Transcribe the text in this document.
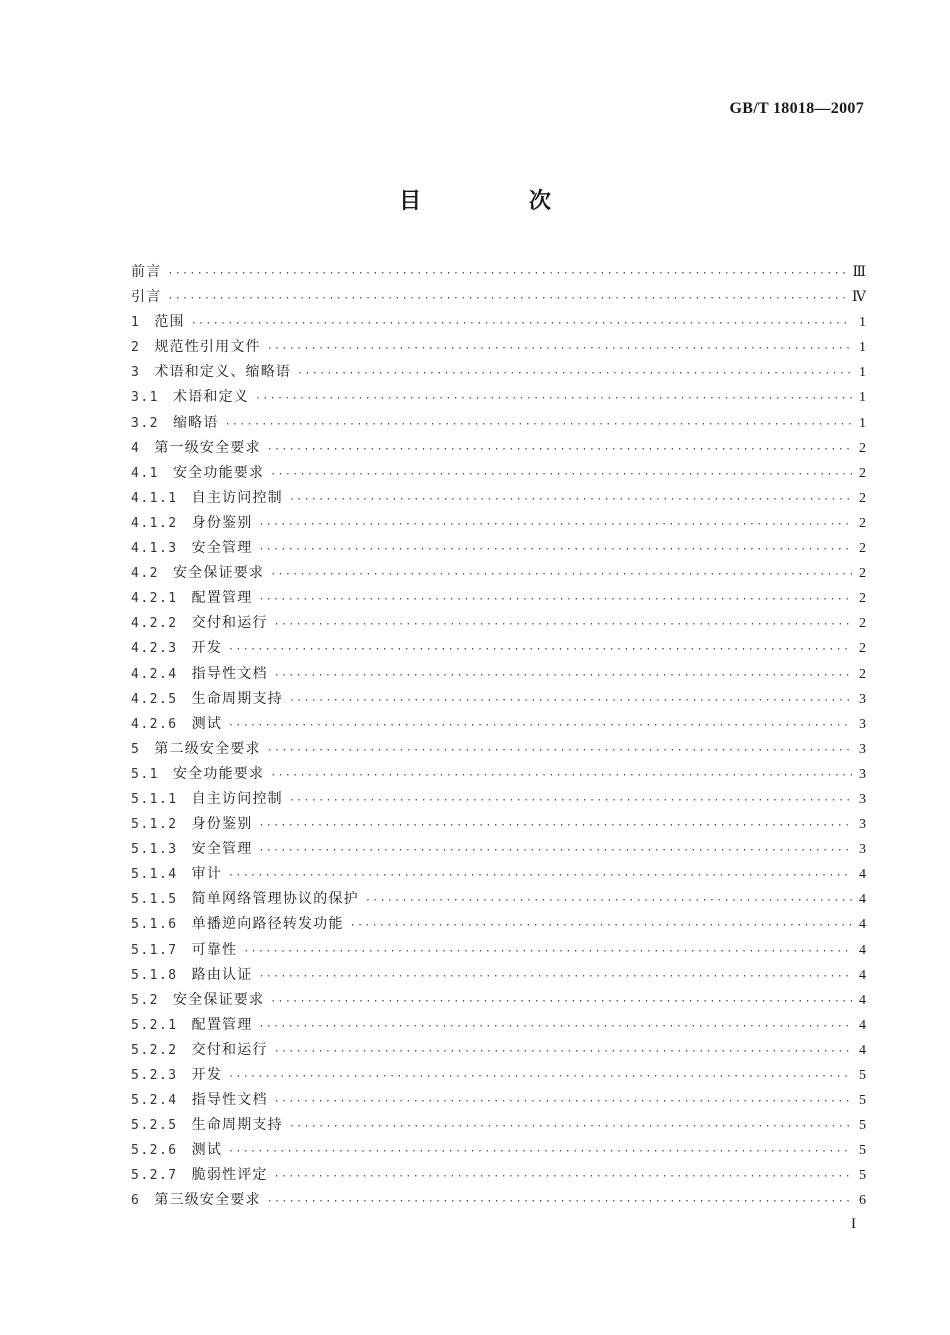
GB/T 18018—2007
目 次
前言 ·····	Ⅲ
引言 ·····	Ⅳ
1 范围 ·····	1
2 规范性引用文件 ·····	1
3 术语和定义、缩略语 ·····	1
3.1 术语和定义 ·····	1
3.2 缩略语 ·····	1
4 第一级安全要求 ·····	2
4.1 安全功能要求 ·····	2
4.1.1 自主访问控制 ·····	2
4.1.2 身份鉴别 ·····	2
4.1.3 安全管理 ·····	2
4.2 安全保证要求 ·····	2
4.2.1 配置管理 ·····	2
4.2.2 交付和运行 ·····	2
4.2.3 开发 ·····	2
4.2.4 指导性文档 ·····	2
4.2.5 生命周期支持 ·····	3
4.2.6 测试 ·····	3
5 第二级安全要求 ·····	3
5.1 安全功能要求 ·····	3
5.1.1 自主访问控制 ·····	3
5.1.2 身份鉴别 ·····	3
5.1.3 安全管理 ·····	3
5.1.4 审计 ·····	4
5.1.5 简单网络管理协议的保护 ·····	4
5.1.6 单播逆向路径转发功能 ·····	4
5.1.7 可靠性 ·····	4
5.1.8 路由认证 ·····	4
5.2 安全保证要求 ·····	4
5.2.1 配置管理 ·····	4
5.2.2 交付和运行 ·····	4
5.2.3 开发 ·····	5
5.2.4 指导性文档 ·····	5
5.2.5 生命周期支持 ·····	5
5.2.6 测试 ·····	5
5.2.7 脆弱性评定 ·····	5
6 第三级安全要求 ·····	6
I
